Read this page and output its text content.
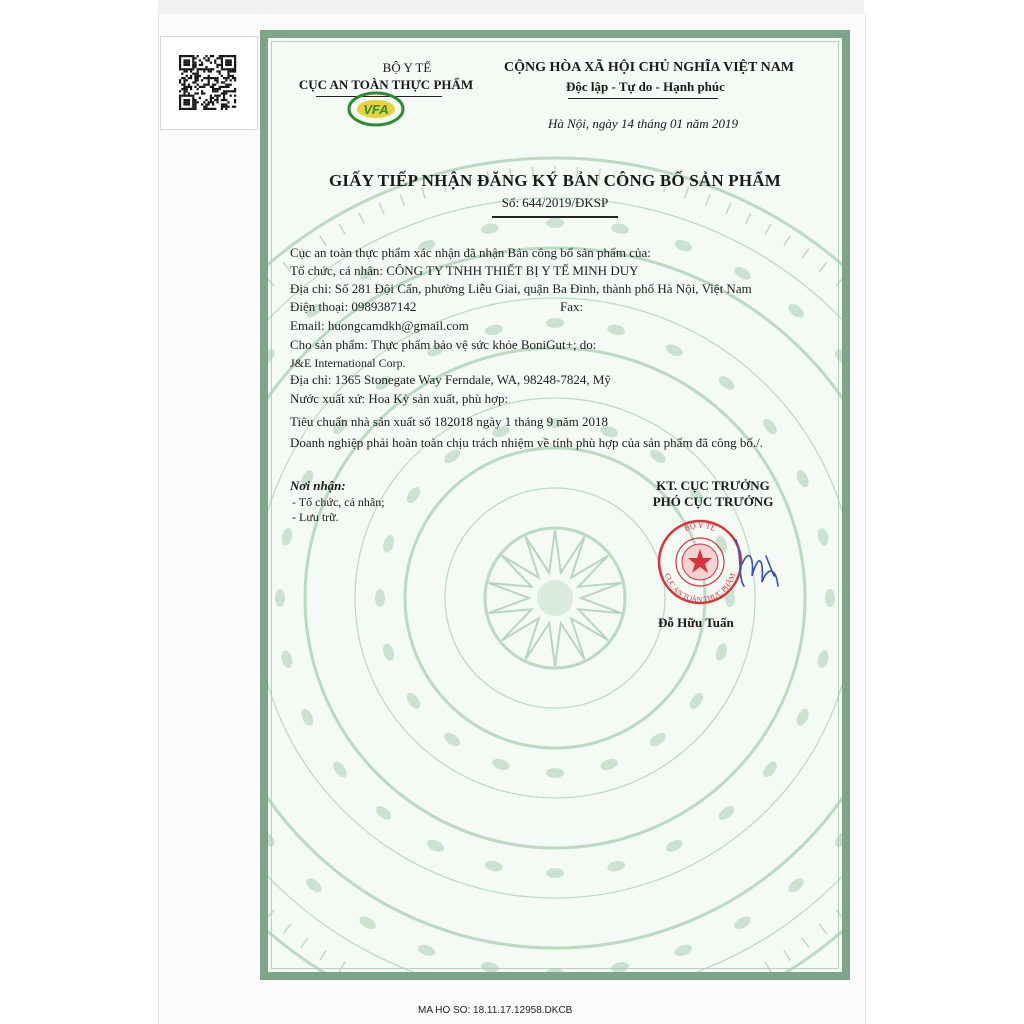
BỘ Y TẾ
CỤC AN TOÀN THỰC PHẨM
VFA
CỘNG HÒA XÃ HỘI CHỦ NGHĨA VIỆT NAM
Độc lập - Tự do - Hạnh phúc
Hà Nội, ngày 14 tháng 01 năm 2019
GIẤY TIẾP NHẬN ĐĂNG KÝ BẢN CÔNG BỐ SẢN PHẨM
Số: 644/2019/ĐKSP
Cục an toàn thực phẩm xác nhận đã nhận Bản công bố sản phẩm của:
Tổ chức, cá nhân: CÔNG TY TNHH THIẾT BỊ Y TẾ MINH DUY
Địa chỉ: Số 281 Đội Cấn, phường Liễu Giai, quận Ba Đình, thành phố Hà Nội, Việt Nam
Điện thoại: 0989387142	Fax:
Email: huongcamdkh@gmail.com
Cho sản phẩm: Thực phẩm bảo vệ sức khỏe BoniGut+; do:
J&E International Corp.
Địa chỉ: 1365 Stonegate Way Ferndale, WA, 98248-7824, Mỹ
Nước xuất xứ: Hoa Kỳ sản xuất, phù hợp:
Tiêu chuẩn nhà sản xuất số 182018 ngày 1 tháng 9 năm 2018
Doanh nghiệp phải hoàn toàn chịu trách nhiệm về tính phù hợp của sản phẩm đã công bố./.
Nơi nhận:
- Tổ chức, cá nhân;
- Lưu trữ.
KT. CỤC TRƯỞNG
PHÓ CỤC TRƯỞNG
BỘ Y TẾ
CỤC AN TOÀN THỰC PHẨM
Đỗ Hữu Tuấn
MA HO SO: 18.11.17.12958.DKCB
